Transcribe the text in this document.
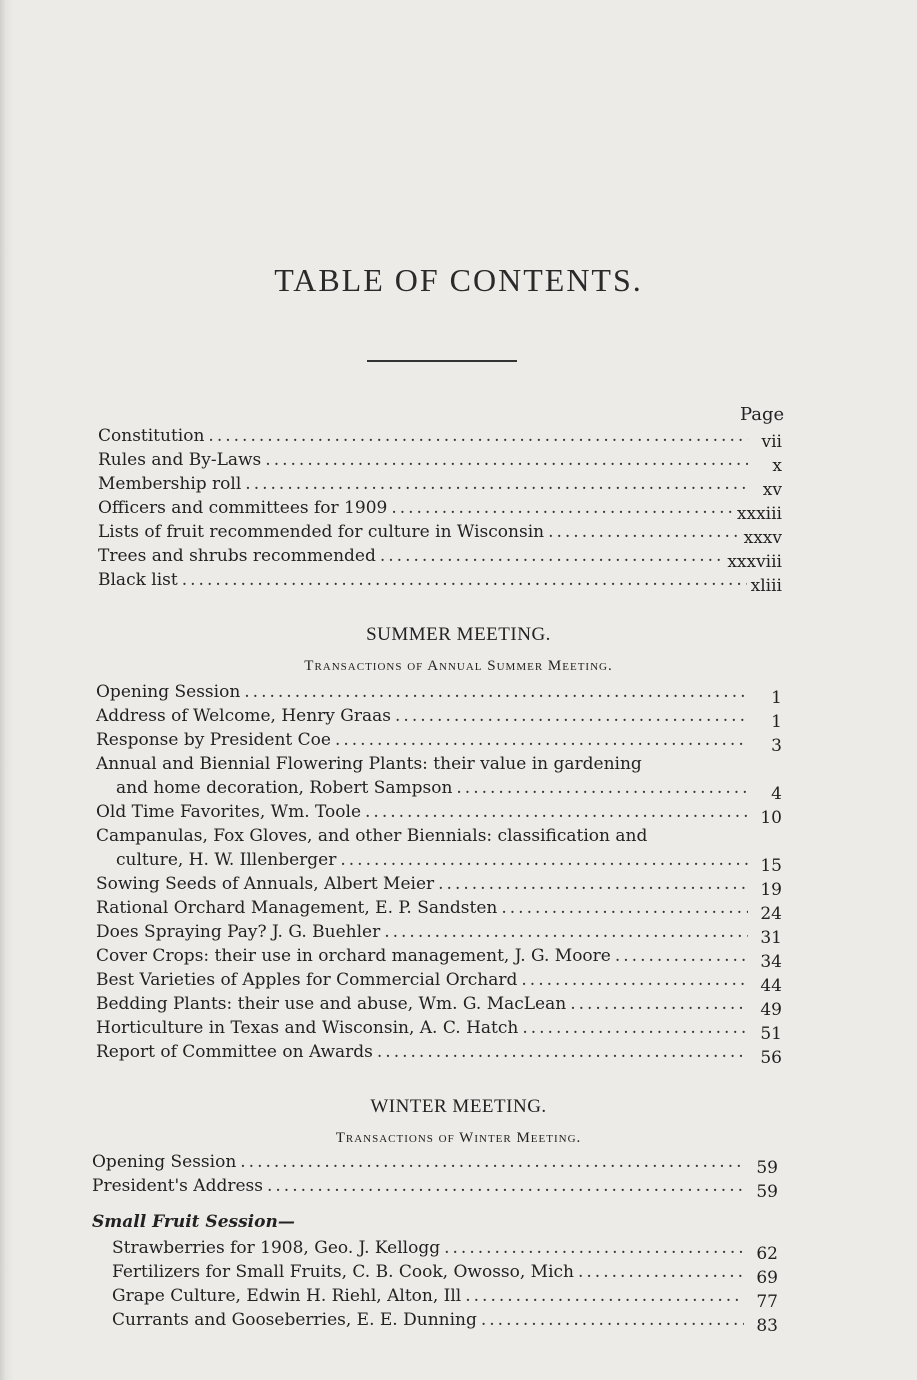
TABLE OF CONTENTS.
Page
Constitution .....	vii
Rules and By-Laws .....	x
Membership roll .....	xv
Officers and committees for 1909 .....	xxxiii
Lists of fruit recommended for culture in Wisconsin .....	xxxv
Trees and shrubs recommended .....	xxxviii
Black list .....	xliii
SUMMER MEETING.
Transactions of Annual Summer Meeting.
Opening Session .....	1
Address of Welcome, Henry Graas .....	1
Response by President Coe .....	3
Annual and Biennial Flowering Plants: their value in gardening
and home decoration, Robert Sampson .....	4
Old Time Favorites, Wm. Toole .....	10
Campanulas, Fox Gloves, and other Biennials: classification and
culture, H. W. Illenberger .....	15
Sowing Seeds of Annuals, Albert Meier .....	19
Rational Orchard Management, E. P. Sandsten .....	24
Does Spraying Pay? J. G. Buehler .....	31
Cover Crops: their use in orchard management, J. G. Moore .....	34
Best Varieties of Apples for Commercial Orchard .....	44
Bedding Plants: their use and abuse, Wm. G. MacLean .....	49
Horticulture in Texas and Wisconsin, A. C. Hatch .....	51
Report of Committee on Awards .....	56
WINTER MEETING.
Transactions of Winter Meeting.
Opening Session .....	59
President's Address .....	59
Small Fruit Session—
Strawberries for 1908, Geo. J. Kellogg .....	62
Fertilizers for Small Fruits, C. B. Cook, Owosso, Mich .....	69
Grape Culture, Edwin H. Riehl, Alton, Ill .....	77
Currants and Gooseberries, E. E. Dunning .....	83
